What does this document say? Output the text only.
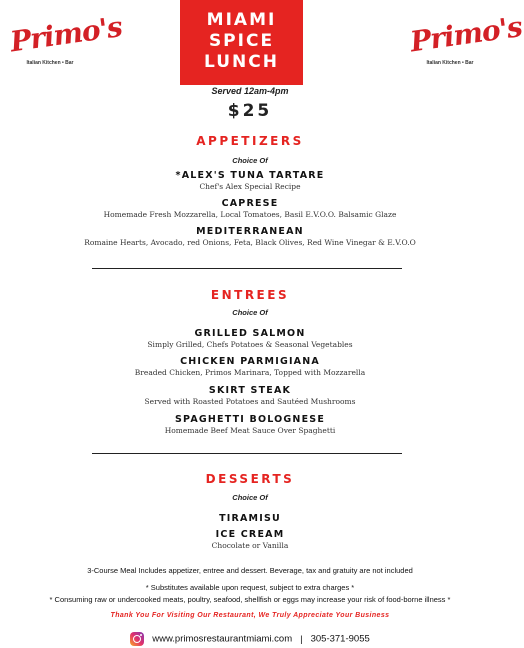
Primo's
Italian Kitchen • Bar
Primo's
Italian Kitchen • Bar
MIAMI
SPICE
LUNCH
Served 12am-4pm
$25
APPETIZERS
Choice Of
*ALEX'S TUNA TARTARE
Chef's Alex Special Recipe
CAPRESE
Homemade Fresh Mozzarella, Local Tomatoes, Basil E.V.O.O. Balsamic Glaze
MEDITERRANEAN
Romaine Hearts, Avocado, red Onions, Feta, Black Olives, Red Wine Vinegar & E.V.O.O
ENTREES
Choice Of
GRILLED SALMON
Simply Grilled, Chefs Potatoes & Seasonal Vegetables
CHICKEN PARMIGIANA
Breaded Chicken, Primos Marinara, Topped with Mozzarella
SKIRT STEAK
Served with Roasted Potatoes and Sautéed Mushrooms
SPAGHETTI BOLOGNESE
Homemade Beef Meat Sauce Over Spaghetti
DESSERTS
Choice Of
TIRAMISU
ICE CREAM
Chocolate or Vanilla
3-Course Meal Includes appetizer, entree and dessert. Beverage, tax and gratuity are not included
* Substitutes available upon request, subject to extra charges *
* Consuming raw or undercooked meats, poultry, seafood, shellfish or eggs may increase your risk of food-borne illness *
Thank You For Visiting Our Restaurant, We Truly Appreciate Your Business
www.primosrestaurantmiami.com | 305-371-9055
